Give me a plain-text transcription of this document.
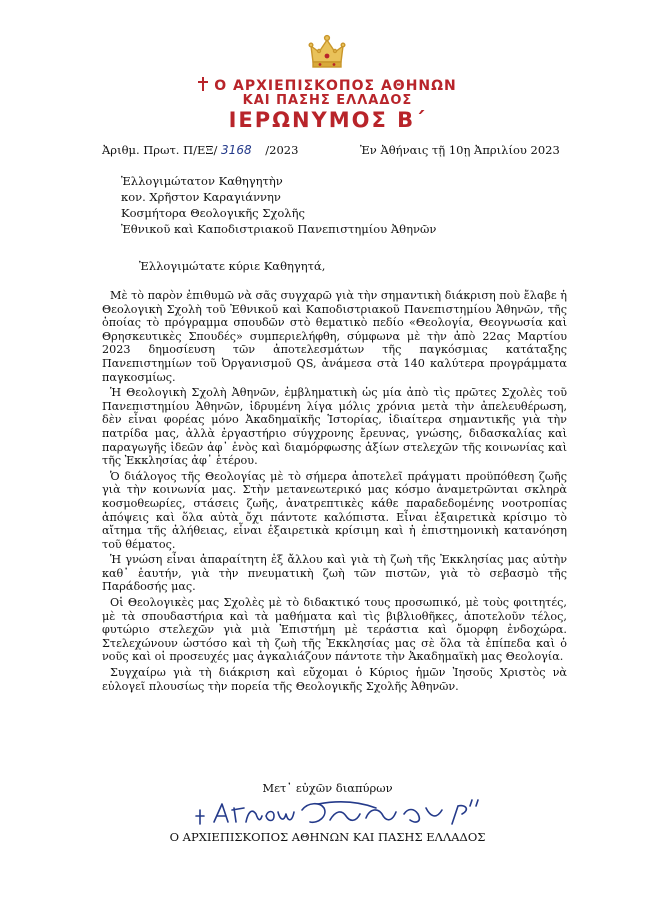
Ο ΑΡΧΙΕΠΙΣΚΟΠΟΣ ΑΘΗΝΩΝ
ΚΑΙ ΠΑΣΗΣ ΕΛΛΑΔΟΣ
ΙΕΡΩΝΥΜΟΣ Β΄
Ἀριθμ. Πρωτ. Π/ΕΞ/ 3168 /2023	Ἐν Ἀθήναις τῇ 10ῃ Ἀπριλίου 2023
Ἐλλογιμώτατον Καθηγητὴν
κον. Χρῆστον Καραγιάννην
Κοσμήτορα Θεολογικῆς Σχολῆς
Ἐθνικοῦ καὶ Καποδιστριακοῦ Πανεπιστημίου Ἀθηνῶν
Ἐλλογιμώτατε κύριε Καθηγητά,

Μὲ τὸ παρὸν ἐπιθυμῶ νὰ σᾶς συγχαρῶ γιὰ τὴν σημαντικὴ διάκριση ποὺ ἔλαβε ἡ Θεολογικὴ Σχολὴ τοῦ Ἐθνικοῦ καὶ Καποδιστριακοῦ Πανεπιστημίου Ἀθηνῶν, τῆς ὁποίας τὸ πρόγραμμα σπουδῶν στὸ θεματικὸ πεδίο «Θεολογία, Θεογνωσία καὶ Θρησκευτικὲς Σπουδές» συμπεριελήφθη, σύμφωνα μὲ τὴν ἀπὸ 22ας Μαρτίου 2023 δημοσίευση τῶν ἀποτελεσμάτων τῆς παγκόσμιας κατάταξης Πανεπιστημίων τοῦ Ὀργανισμοῦ QS, ἀνάμεσα στὰ 140 καλύτερα προγράμματα παγκοσμίως.

Ἡ Θεολογικὴ Σχολὴ Ἀθηνῶν, ἐμβληματικὴ ὡς μία ἀπὸ τὶς πρῶτες Σχολὲς τοῦ Πανεπιστημίου Ἀθηνῶν, ἱδρυμένη λίγα μόλις χρόνια μετὰ τὴν ἀπελευθέρωση, δὲν εἶναι φορέας μόνο Ἀκαδημαϊκῆς Ἱστορίας, ἰδιαίτερα σημαντικῆς γιὰ τὴν πατρίδα μας, ἀλλὰ ἐργαστήριο σύγχρονης ἔρευνας, γνώσης, διδασκαλίας καὶ παραγωγῆς ἰδεῶν ἀφ᾽ ἑνὸς καὶ διαμόρφωσης ἀξίων στελεχῶν τῆς κοινωνίας καὶ τῆς Ἐκκλησίας ἀφ᾽ ἑτέρου.

Ὁ διάλογος τῆς Θεολογίας μὲ τὸ σήμερα ἀποτελεῖ πράγματι προϋπόθεση ζωῆς γιὰ τὴν κοινωνία μας. Στὴν μετανεωτερικό μας κόσμο ἀναμετρῶνται σκληρὰ κοσμοθεωρίες, στάσεις ζωῆς, ἀνατρεπτικὲς κάθε παραδεδομένης νοοτροπίας ἀπόψεις καὶ ὅλα αὐτὰ ὄχι πάντοτε καλόπιστα. Εἶναι ἐξαιρετικὰ κρίσιμο τὸ αἴτημα τῆς ἀλήθειας, εἶναι ἐξαιρετικὰ κρίσιμη καὶ ἡ ἐπιστημονικὴ κατανόηση τοῦ θέματος.

Ἡ γνώση εἶναι ἀπαραίτητη ἐξ ἄλλου καὶ γιὰ τὴ ζωὴ τῆς Ἐκκλησίας μας αὐτὴν καθ᾽ ἑαυτήν, γιὰ τὴν πνευματικὴ ζωὴ τῶν πιστῶν, γιὰ τὸ σεβασμὸ τῆς Παράδοσής μας.

Οἱ Θεολογικὲς μας Σχολὲς μὲ τὸ διδακτικό τους προσωπικό, μὲ τοὺς φοιτητές, μὲ τὰ σπουδαστήρια καὶ τὰ μαθήματα καὶ τὶς βιβλιοθῆκες, ἀποτελοῦν τέλος, φυτώριο στελεχῶν γιὰ μιὰ Ἐπιστήμη μὲ τεράστια καὶ ὄμορφη ἐνδοχώρα. Στελεχώνουν ὡστόσο καὶ τὴ ζωὴ τῆς Ἐκκλησίας μας σὲ ὅλα τὰ ἐπίπεδα καὶ ὁ νοῦς καὶ οἱ προσευχές μας ἀγκαλιάζουν πάντοτε τὴν Ἀκαδημαϊκὴ μας Θεολογία.

Συγχαίρω γιὰ τὴ διάκριση καὶ εὔχομαι ὁ Κύριος ἡμῶν Ἰησοῦς Χριστὸς νὰ εὐλογεῖ πλουσίως τὴν πορεία τῆς Θεολογικῆς Σχολῆς Ἀθηνῶν.

Μετ᾽ εὐχῶν διαπύρων
Ο ΑΡΧΙΕΠΙΣΚΟΠΟΣ ΑΘΗΝΩΝ ΚΑΙ ΠΑΣΗΣ ΕΛΛΑΔΟΣ
